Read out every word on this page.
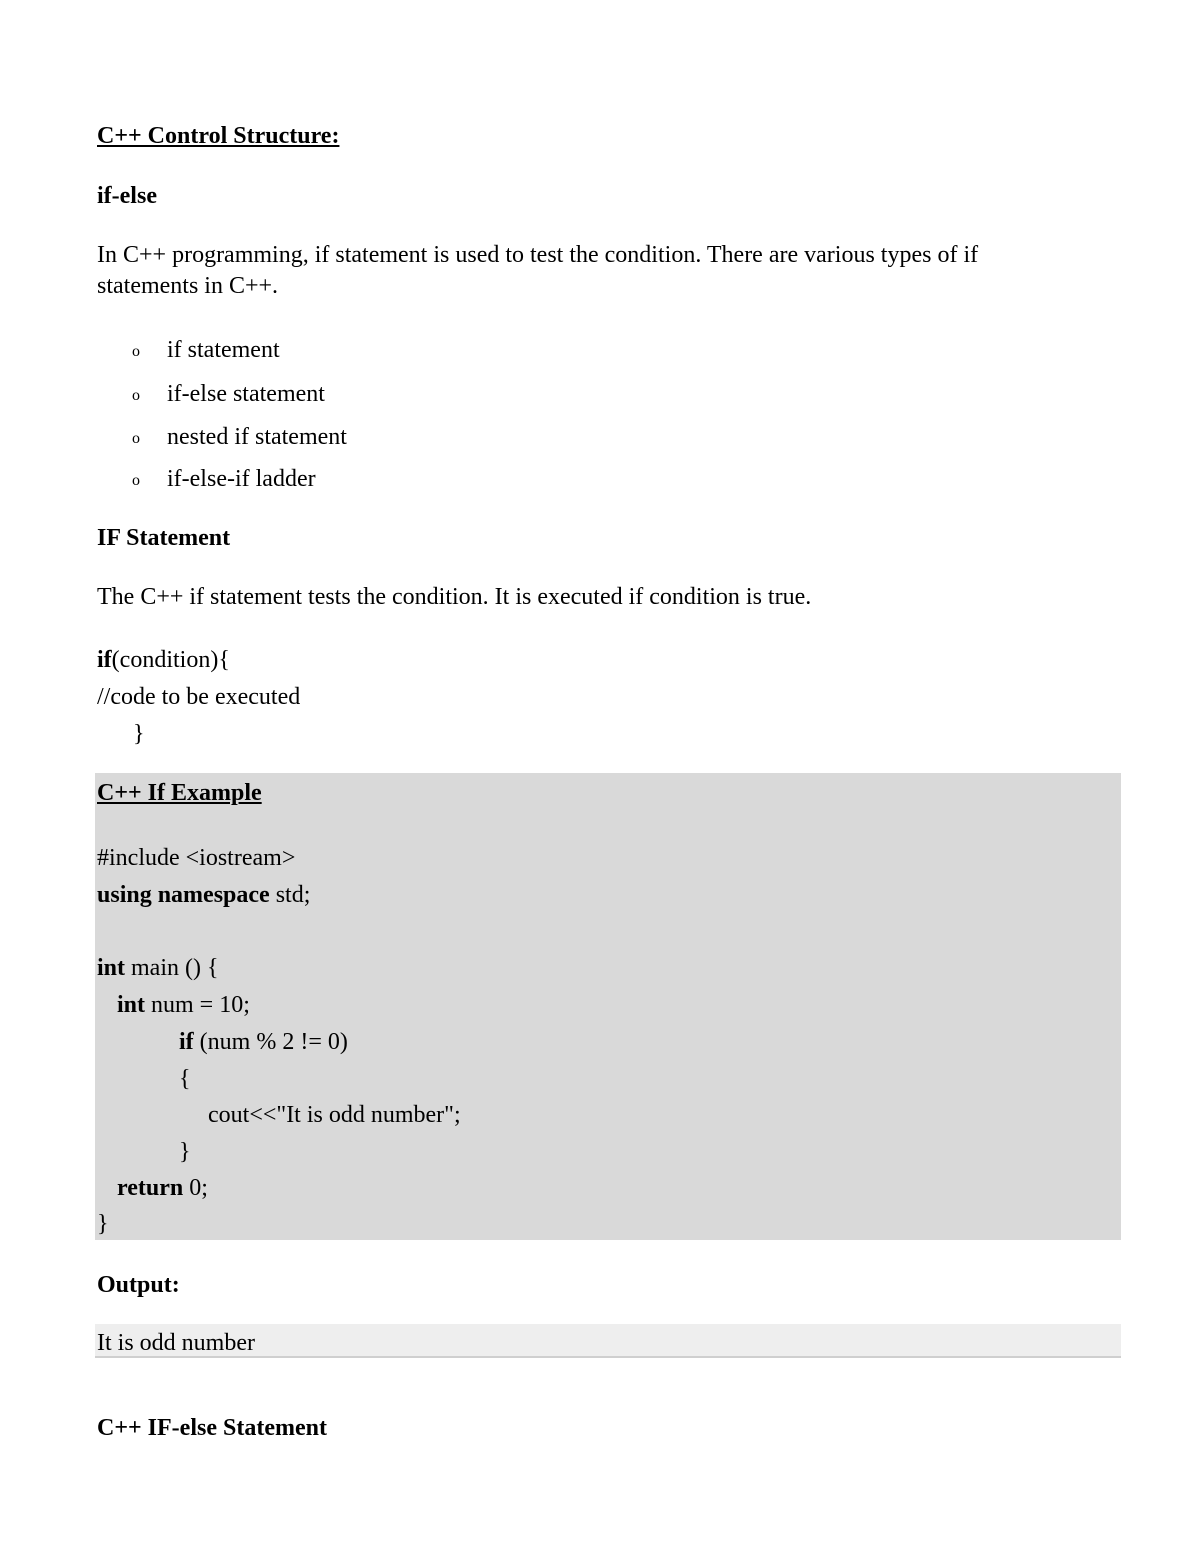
C++ Control Structure:
if-else
In C++ programming, if statement is used to test the condition. There are various types of if
statements in C++.
o if statement
o if-else statement
o nested if statement
o if-else-if ladder
IF Statement
The C++ if statement tests the condition. It is executed if condition is true.
if(condition){
//code to be executed
}
C++ If Example
#include <iostream>
using namespace std;
int main () {
int num = 10;
if (num % 2 != 0)
{
cout<<"It is odd number";
}
return 0;
}
Output:
It is odd number
C++ IF-else Statement
